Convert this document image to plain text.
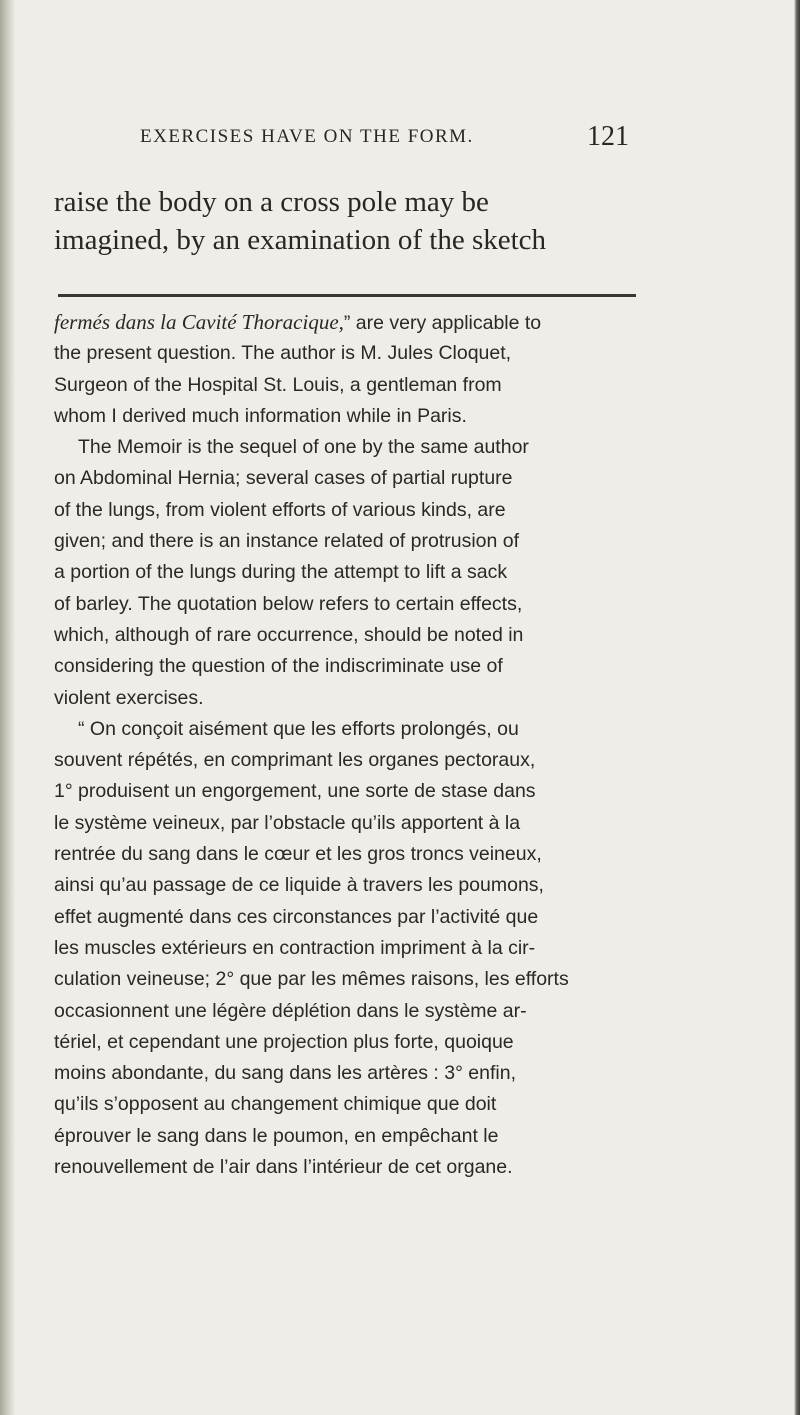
EXERCISES HAVE ON THE FORM.	121
raise the body on a cross pole may be
imagined, by an examination of the sketch
fermés dans la Cavité Thoracique,” are very applicable to
the present question. The author is M. Jules Cloquet,
Surgeon of the Hospital St. Louis, a gentleman from
whom I derived much information while in Paris.
The Memoir is the sequel of one by the same author
on Abdominal Hernia; several cases of partial rupture
of the lungs, from violent efforts of various kinds, are
given; and there is an instance related of protrusion of
a portion of the lungs during the attempt to lift a sack
of barley. The quotation below refers to certain effects,
which, although of rare occurrence, should be noted in
considering the question of the indiscriminate use of
violent exercises.
“ On conçoit aisément que les efforts prolongés, ou
souvent répétés, en comprimant les organes pectoraux,
1° produisent un engorgement, une sorte de stase dans
le système veineux, par l’obstacle qu’ils apportent à la
rentrée du sang dans le cœur et les gros troncs veineux,
ainsi qu’au passage de ce liquide à travers les poumons,
effet augmenté dans ces circonstances par l’activité que
les muscles extérieurs en contraction impriment à la cir-
culation veineuse; 2° que par les mêmes raisons, les efforts
occasionnent une légère déplétion dans le système ar-
tériel, et cependant une projection plus forte, quoique
moins abondante, du sang dans les artères : 3° enfin,
qu’ils s’opposent au changement chimique que doit
éprouver le sang dans le poumon, en empêchant le
renouvellement de l’air dans l’intérieur de cet organe.
